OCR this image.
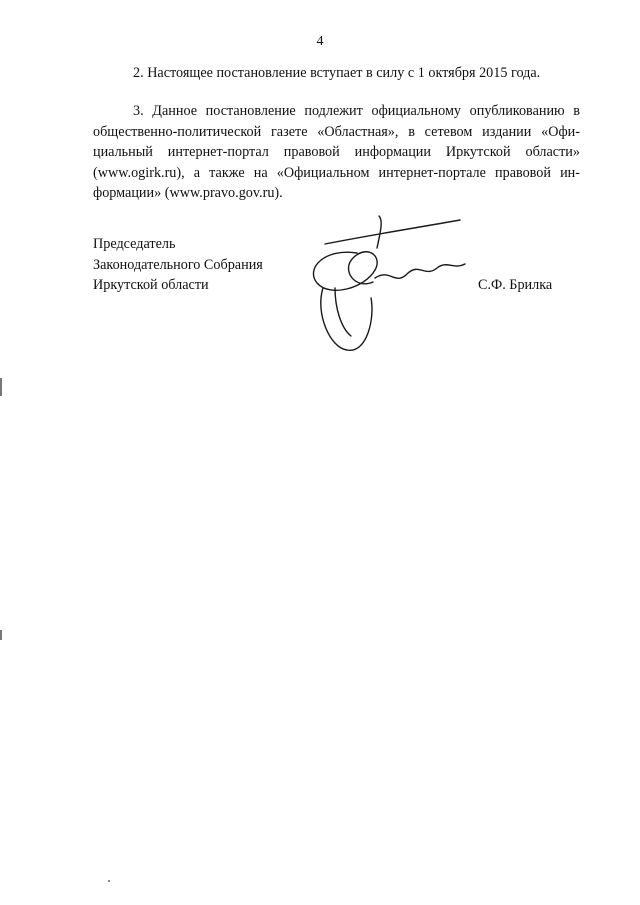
4
2. Настоящее постановление вступает в силу с 1 октября 2015 года.
3. Данное постановление подлежит официальному опубликованию в
общественно-политической газете «Областная», в сетевом издании «Офи-
циальный интернет-портал правовой информации Иркутской области»
(www.ogirk.ru), а также на «Официальном интернет-портале правовой ин-
формации» (www.pravo.gov.ru).
Председатель
Законодательного Собрания
Иркутской области	С.Ф. Брилка
